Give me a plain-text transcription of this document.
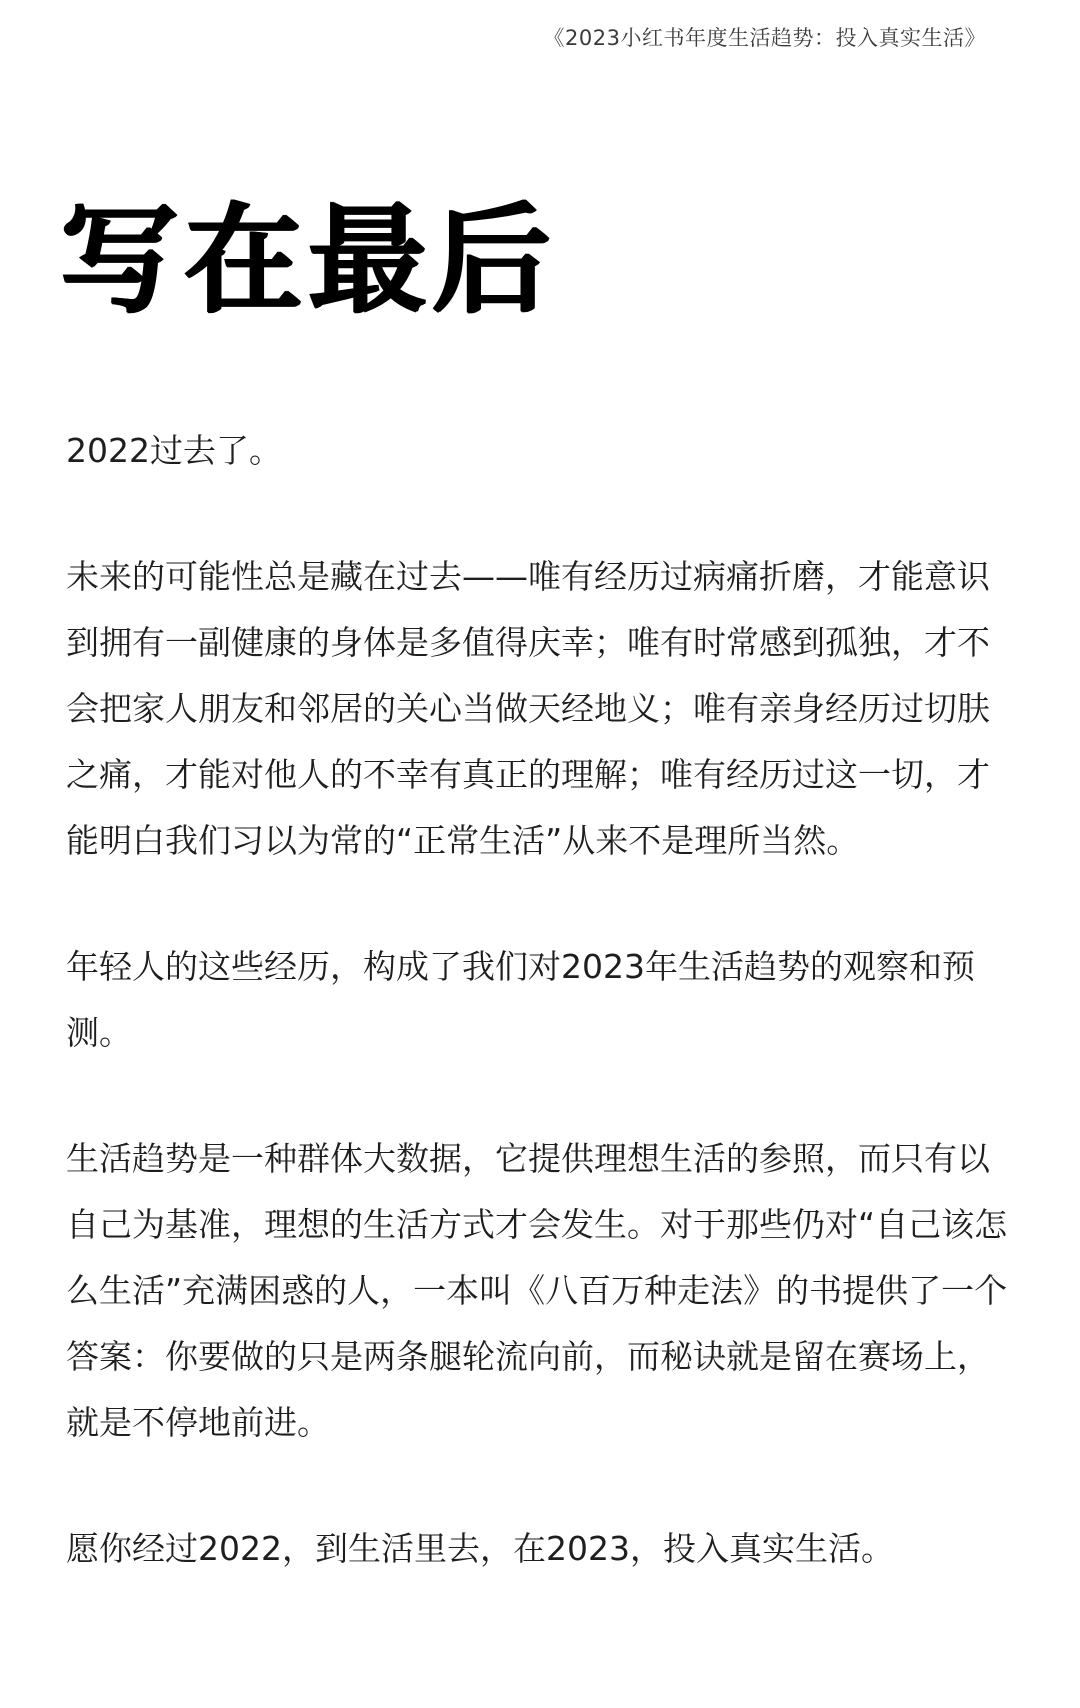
《2023小红书年度生活趋势：投入真实生活》
写在最后

2022过去了。

未来的可能性总是藏在过去——唯有经历过病痛折磨，才能意识到拥有一副健康的身体是多值得庆幸；唯有时常感到孤独，才不会把家人朋友和邻居的关心当做天经地义；唯有亲身经历过切肤之痛，才能对他人的不幸有真正的理解；唯有经历过这一切，才能明白我们习以为常的“正常生活”从来不是理所当然。

年轻人的这些经历，构成了我们对2023年生活趋势的观察和预测。

生活趋势是一种群体大数据，它提供理想生活的参照，而只有以自己为基准，理想的生活方式才会发生。对于那些仍对“自己该怎么生活”充满困惑的人，一本叫《八百万种走法》的书提供了一个答案：你要做的只是两条腿轮流向前，而秘诀就是留在赛场上，就是不停地前进。

愿你经过2022，到生活里去，在2023，投入真实生活。
